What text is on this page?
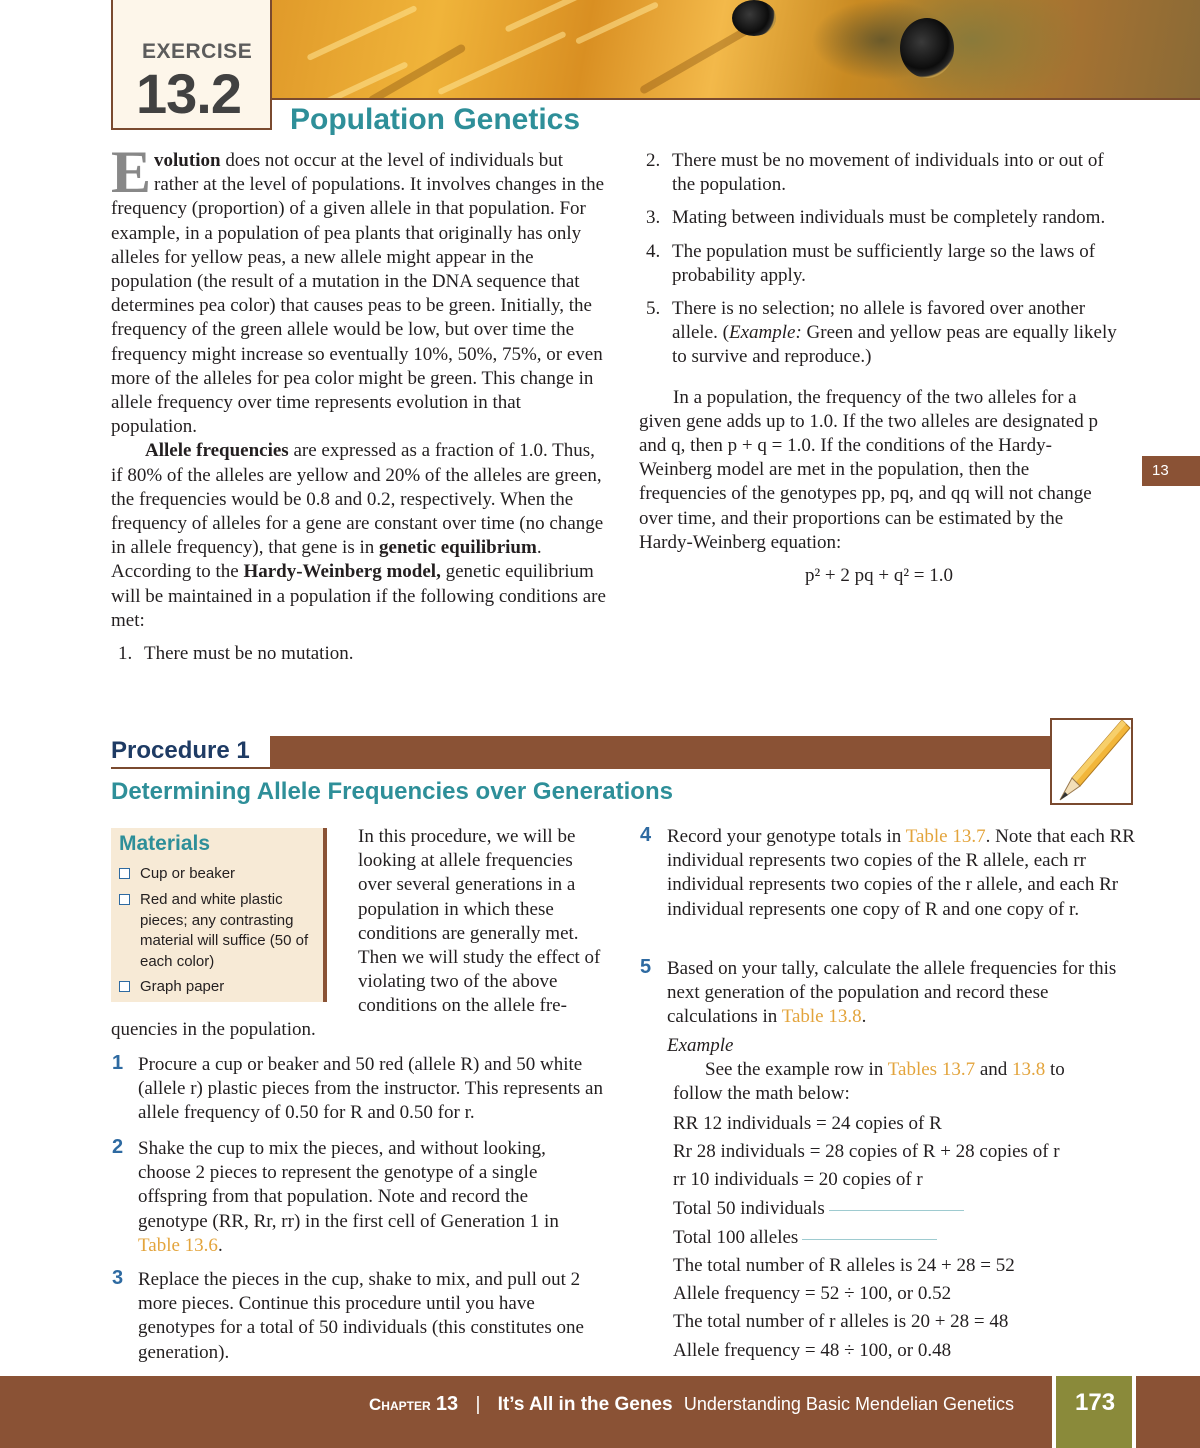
EXERCISE
13.2 Population Genetics

Evolution does not occur at the level of individuals but rather at the level of populations. It involves changes in the frequency (proportion) of a given allele in that population. For example, in a population of pea plants that originally has only alleles for yellow peas, a new allele might appear in the population (the result of a mutation in the DNA sequence that determines pea color) that causes peas to be green. Initially, the frequency of the green allele would be low, but over time the frequency might increase so eventually 10%, 50%, 75%, or even more of the alleles for pea color might be green. This change in allele frequency over time represents evolution in that population.

Allele frequencies are expressed as a fraction of 1.0. Thus, if 80% of the alleles are yellow and 20% of the alleles are green, the frequencies would be 0.8 and 0.2, respectively. When the frequency of alleles for a gene are constant over time (no change in allele frequency), that gene is in genetic equilibrium. According to the Hardy-Weinberg model, genetic equilibrium will be maintained in a population if the following conditions are met:

1. There must be no mutation.
2. There must be no movement of individuals into or out of the population.
3. Mating between individuals must be completely random.
4. The population must be sufficiently large so the laws of probability apply.
5. There is no selection; no allele is favored over another allele. (Example: Green and yellow peas are equally likely to survive and reproduce.)

In a population, the frequency of the two alleles for a given gene adds up to 1.0. If the two alleles are designated p and q, then p + q = 1.0. If the conditions of the Hardy-Weinberg model are met in the population, then the frequencies of the genotypes pp, pq, and qq will not change over time, and their proportions can be estimated by the Hardy-Weinberg equation:

p² + 2 pq + q² = 1.0

13
Procedure 1
Determining Allele Frequencies over Generations
Materials
Cup or beaker
Red and white plastic pieces; any contrasting material will suffice (50 of each color)
Graph paper
In this procedure, we will be looking at allele frequencies over several generations in a population in which these conditions are generally met. Then we will study the effect of violating two of the above conditions on the allele fre-
quencies in the population.
1 Procure a cup or beaker and 50 red (allele R) and 50 white (allele r) plastic pieces from the instructor. This represents an allele frequency of 0.50 for R and 0.50 for r.
2 Shake the cup to mix the pieces, and without looking, choose 2 pieces to represent the genotype of a single offspring from that population. Note and record the genotype (RR, Rr, rr) in the first cell of Generation 1 in Table 13.6.
3 Replace the pieces in the cup, shake to mix, and pull out 2 more pieces. Continue this procedure until you have genotypes for a total of 50 individuals (this constitutes one generation).
4 Record your genotype totals in Table 13.7. Note that each RR individual represents two copies of the R allele, each rr individual represents two copies of the r allele, and each Rr individual represents one copy of R and one copy of r.
5 Based on your tally, calculate the allele frequencies for this next generation of the population and record these calculations in Table 13.8.
Example
See the example row in Tables 13.7 and 13.8 to follow the math below:
RR 12 individuals = 24 copies of R
Rr 28 individuals = 28 copies of R + 28 copies of r
rr 10 individuals = 20 copies of r
Total 50 individuals
Total 100 alleles
The total number of R alleles is 24 + 28 = 52
Allele frequency = 52 ÷ 100, or 0.52
The total number of r alleles is 20 + 28 = 48
Allele frequency = 48 ÷ 100, or 0.48
Chapter 13 | It’s All in the Genes Understanding Basic Mendelian Genetics	173
